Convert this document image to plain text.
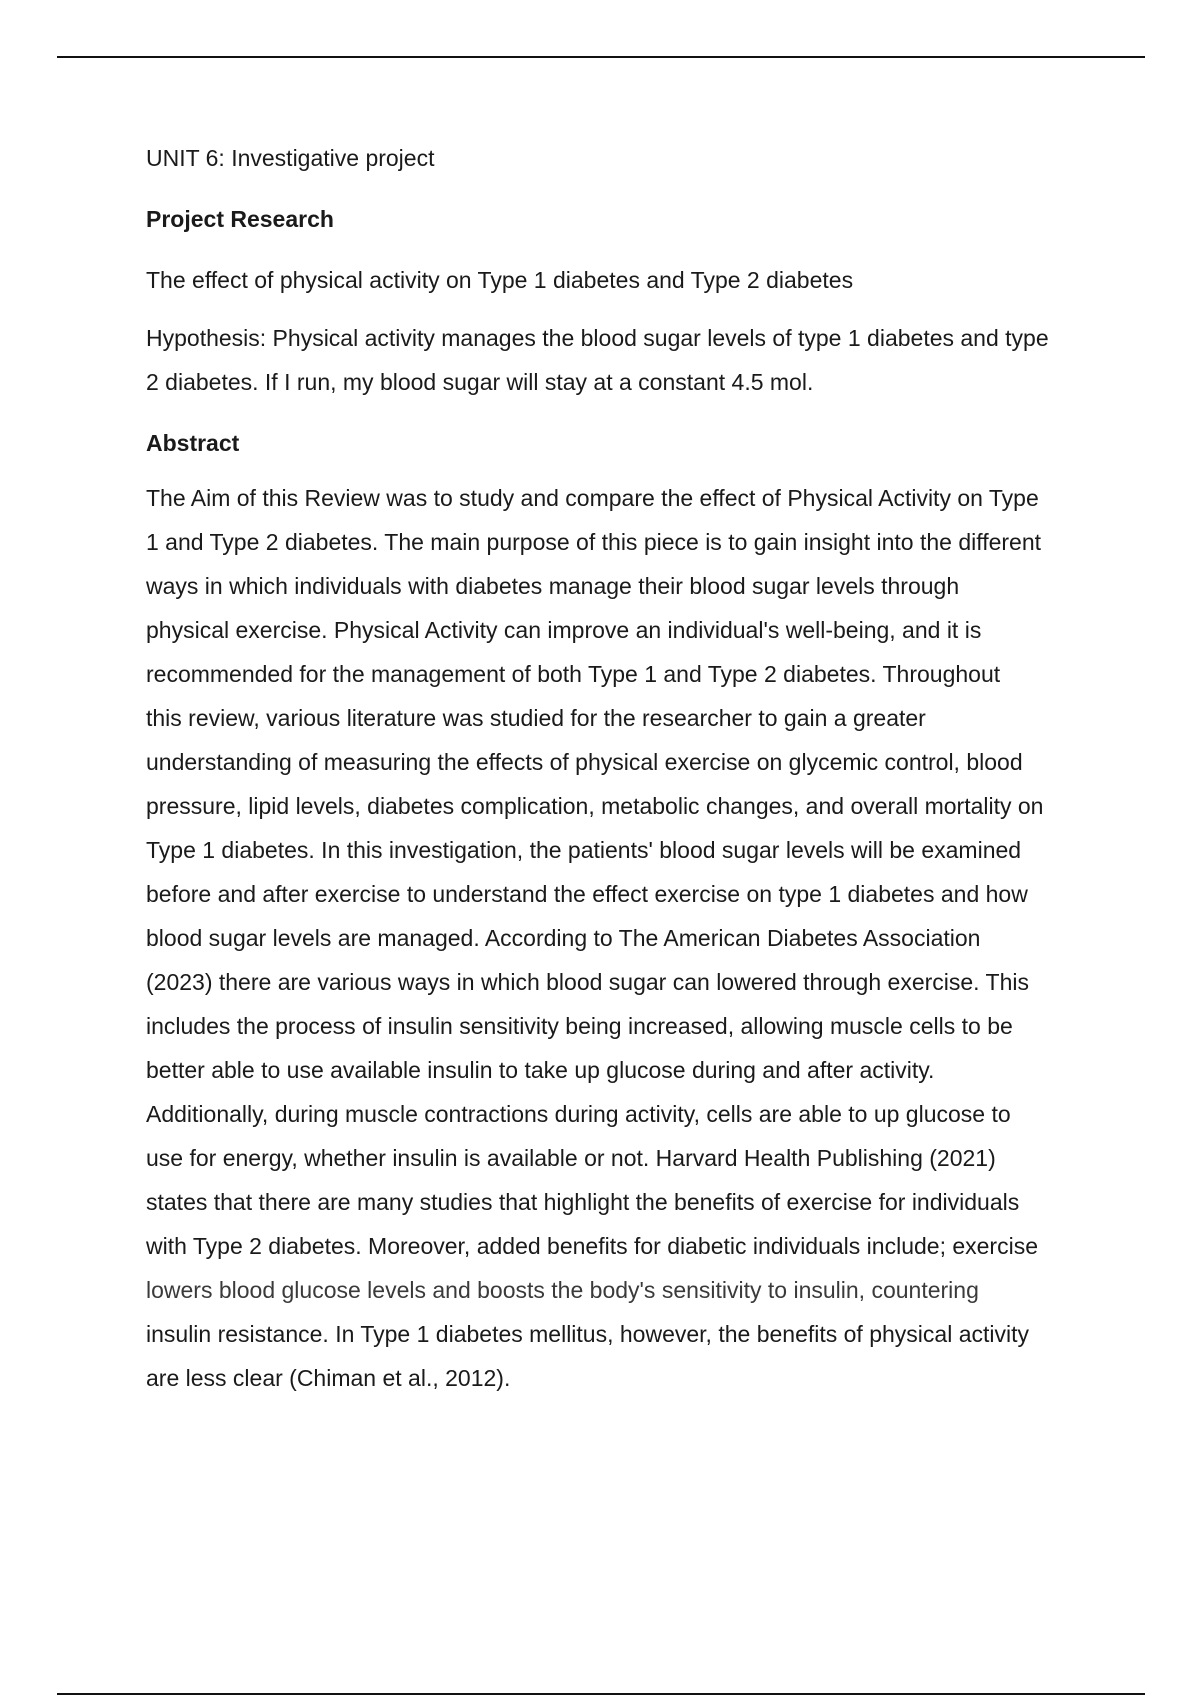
UNIT 6: Investigative project

Project Research

The effect of physical activity on Type 1 diabetes and Type 2 diabetes

Hypothesis: Physical activity manages the blood sugar levels of type 1 diabetes and type

2 diabetes. If I run, my blood sugar will stay at a constant 4.5 mol.

Abstract

The Aim of this Review was to study and compare the effect of Physical Activity on Type

1 and Type 2 diabetes. The main purpose of this piece is to gain insight into the different

ways in which individuals with diabetes manage their blood sugar levels through

physical exercise. Physical Activity can improve an individual's well-being, and it is

recommended for the management of both Type 1 and Type 2 diabetes. Throughout

this review, various literature was studied for the researcher to gain a greater

understanding of measuring the effects of physical exercise on glycemic control, blood

pressure, lipid levels, diabetes complication, metabolic changes, and overall mortality on

Type 1 diabetes. In this investigation, the patients' blood sugar levels will be examined

before and after exercise to understand the effect exercise on type 1 diabetes and how

blood sugar levels are managed. According to The American Diabetes Association

(2023) there are various ways in which blood sugar can lowered through exercise. This

includes the process of insulin sensitivity being increased, allowing muscle cells to be

better able to use available insulin to take up glucose during and after activity.

Additionally, during muscle contractions during activity, cells are able to up glucose to

use for energy, whether insulin is available or not. Harvard Health Publishing (2021)

states that there are many studies that highlight the benefits of exercise for individuals

with Type 2 diabetes. Moreover, added benefits for diabetic individuals include; exercise

lowers blood glucose levels and boosts the body's sensitivity to insulin, countering

insulin resistance. In Type 1 diabetes mellitus, however, the benefits of physical activity

are less clear (Chiman et al., 2012).
